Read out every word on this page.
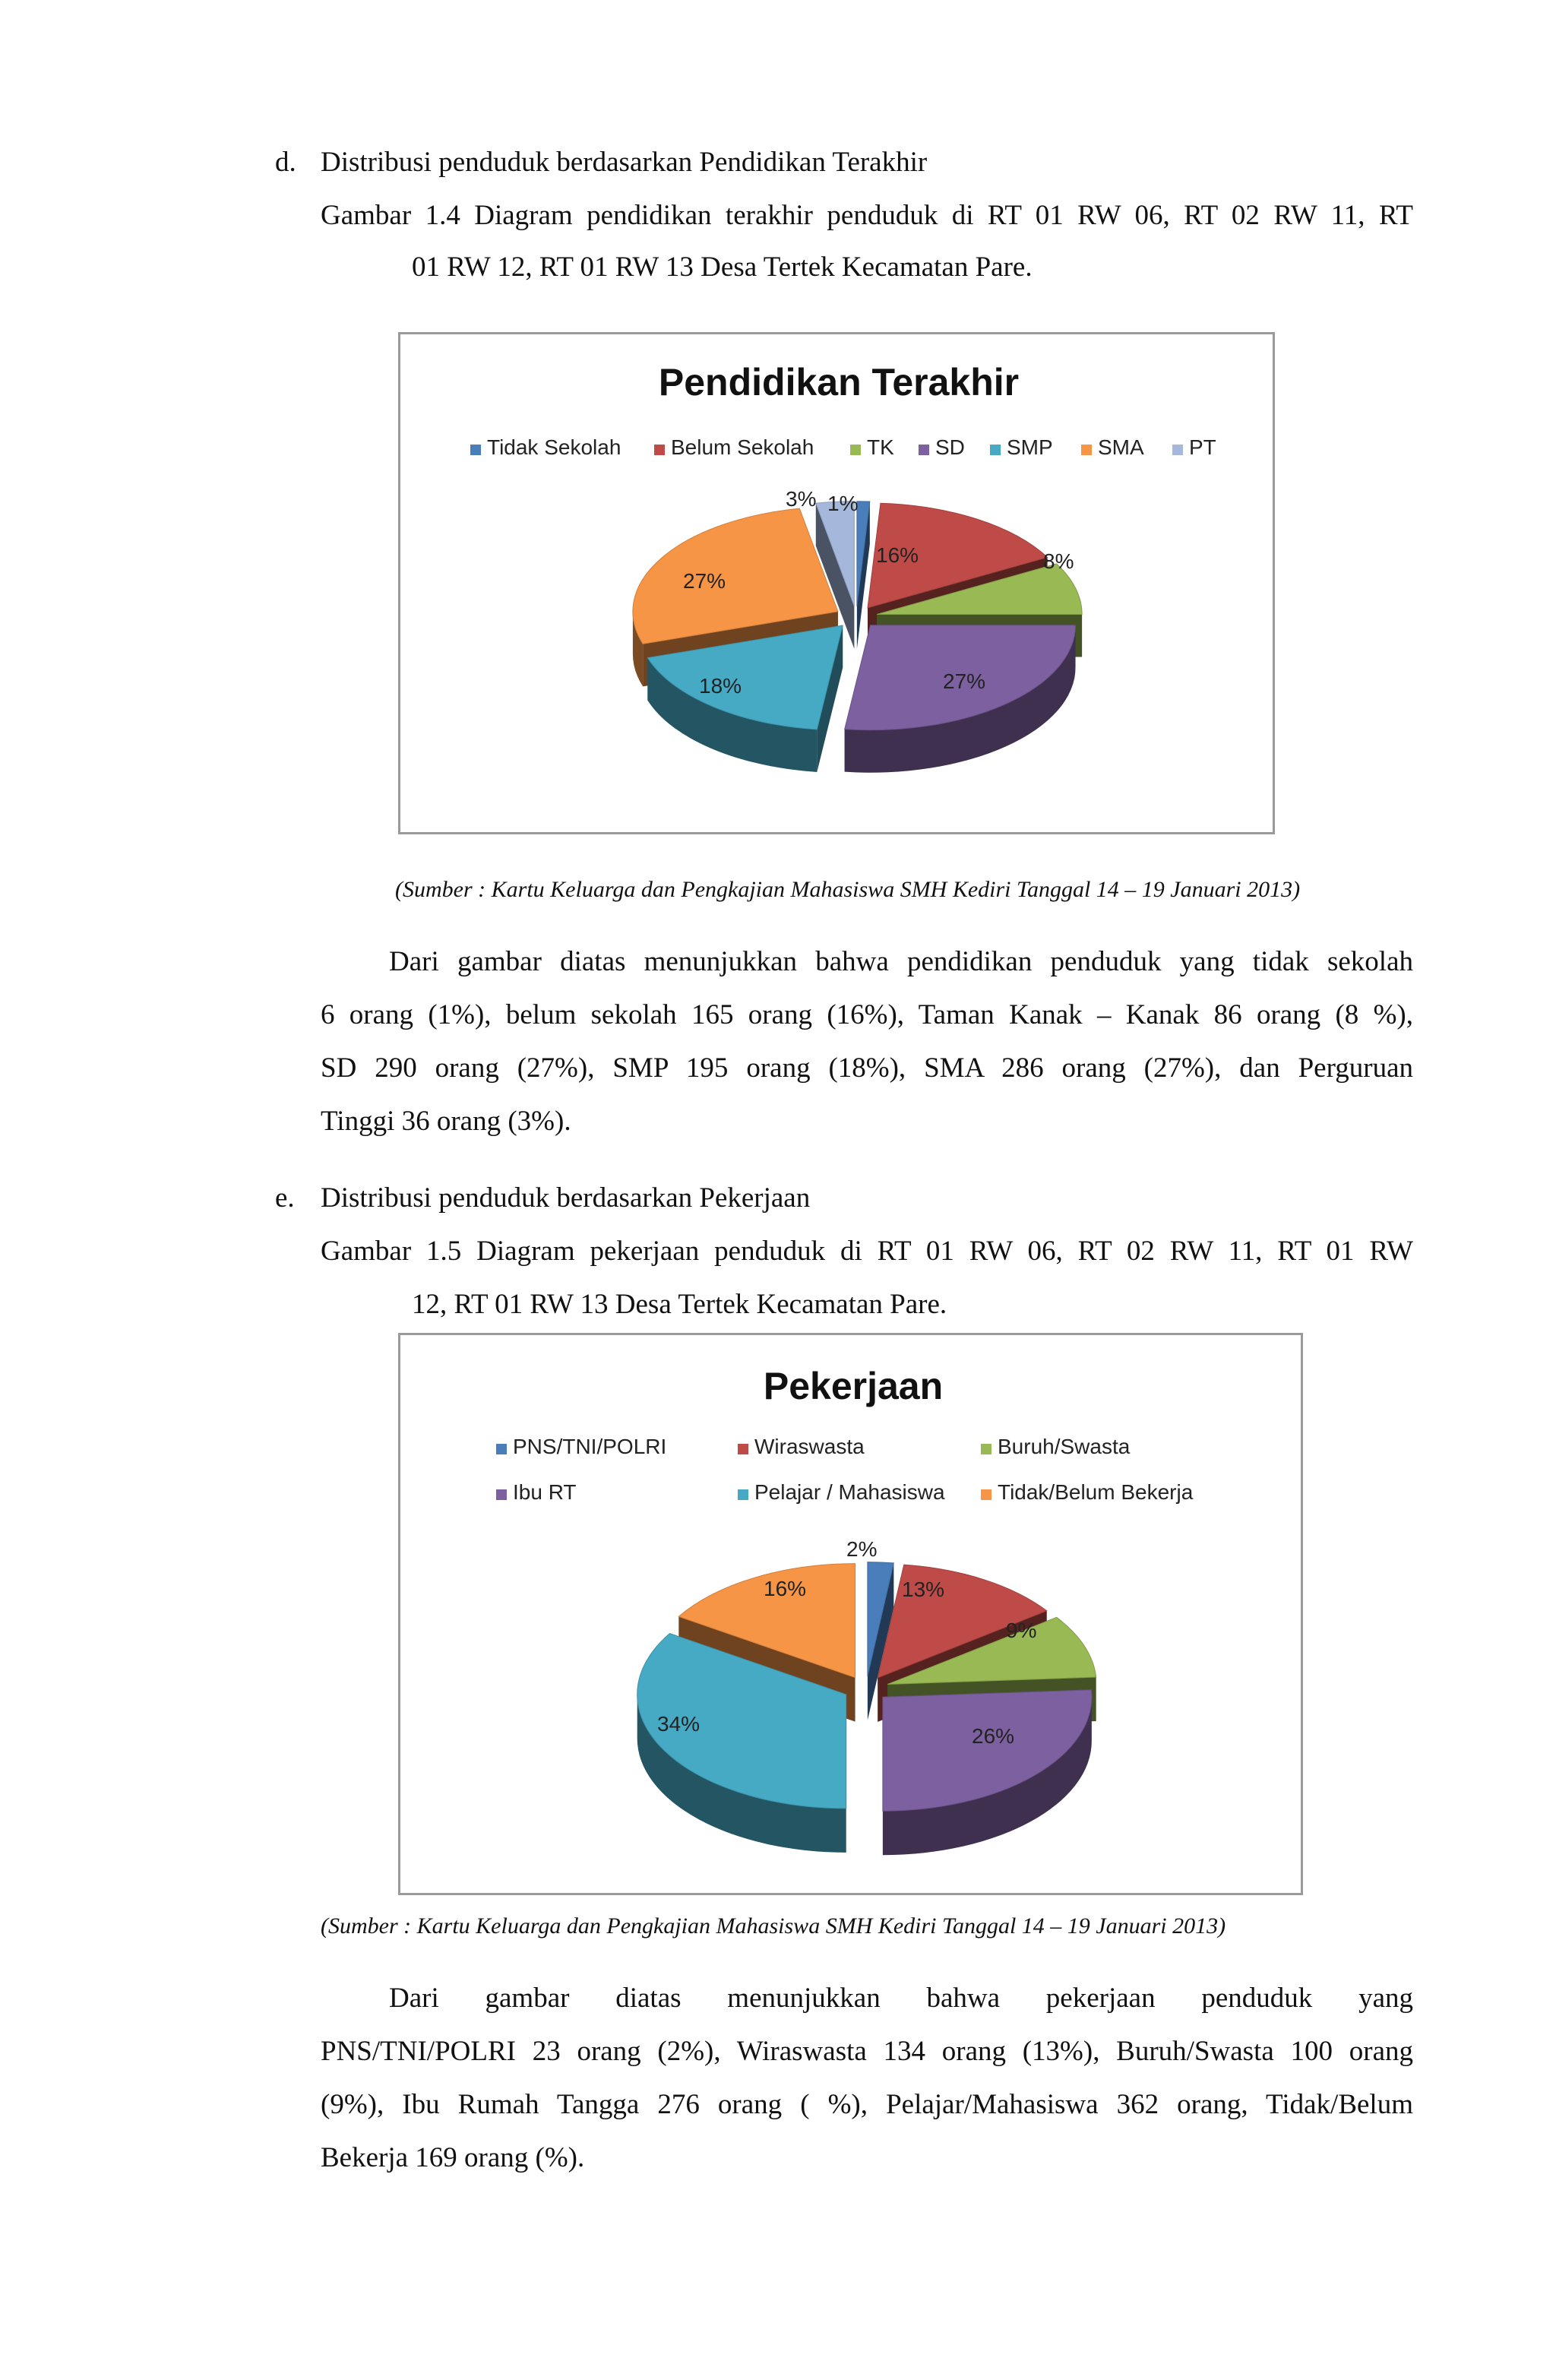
d. Distribusi penduduk berdasarkan Pendidikan Terakhir
Gambar 1.4 Diagram pendidikan terakhir penduduk di RT 01 RW 06, RT 02 RW 11, RT
01 RW 12, RT 01 RW 13 Desa Tertek Kecamatan Pare.
Pendidikan Terakhir
Tidak Sekolah Belum Sekolah TK SD SMP SMA PT
1%
16%	8%
27%
18%
27%
3%
(Sumber : Kartu Keluarga dan Pengkajian Mahasiswa SMH Kediri Tanggal 14 – 19 Januari 2013)
Dari gambar diatas menunjukkan bahwa pendidikan penduduk yang tidak sekolah
6 orang (1%), belum sekolah 165 orang (16%), Taman Kanak – Kanak 86 orang (8 %),
SD 290 orang (27%), SMP 195 orang (18%), SMA 286 orang (27%), dan Perguruan
Tinggi 36 orang (3%).
e. Distribusi penduduk berdasarkan Pekerjaan
Gambar 1.5 Diagram pekerjaan penduduk di RT 01 RW 06, RT 02 RW 11, RT 01 RW
12, RT 01 RW 13 Desa Tertek Kecamatan Pare.
Pekerjaan
PNS/TNI/POLRI	Wiraswasta	Buruh/Swasta
Ibu RT	Pelajar / Mahasiswa Tidak/Belum Bekerja
2%
13%
9%
26%
34%
16%
(Sumber : Kartu Keluarga dan Pengkajian Mahasiswa SMH Kediri Tanggal 14 – 19 Januari 2013)
Dari gambar diatas menunjukkan bahwa pekerjaan penduduk yang
PNS/TNI/POLRI 23 orang (2%), Wiraswasta 134 orang (13%), Buruh/Swasta 100 orang
(9%), Ibu Rumah Tangga 276 orang ( %), Pelajar/Mahasiswa 362 orang, Tidak/Belum
Bekerja 169 orang (%).
